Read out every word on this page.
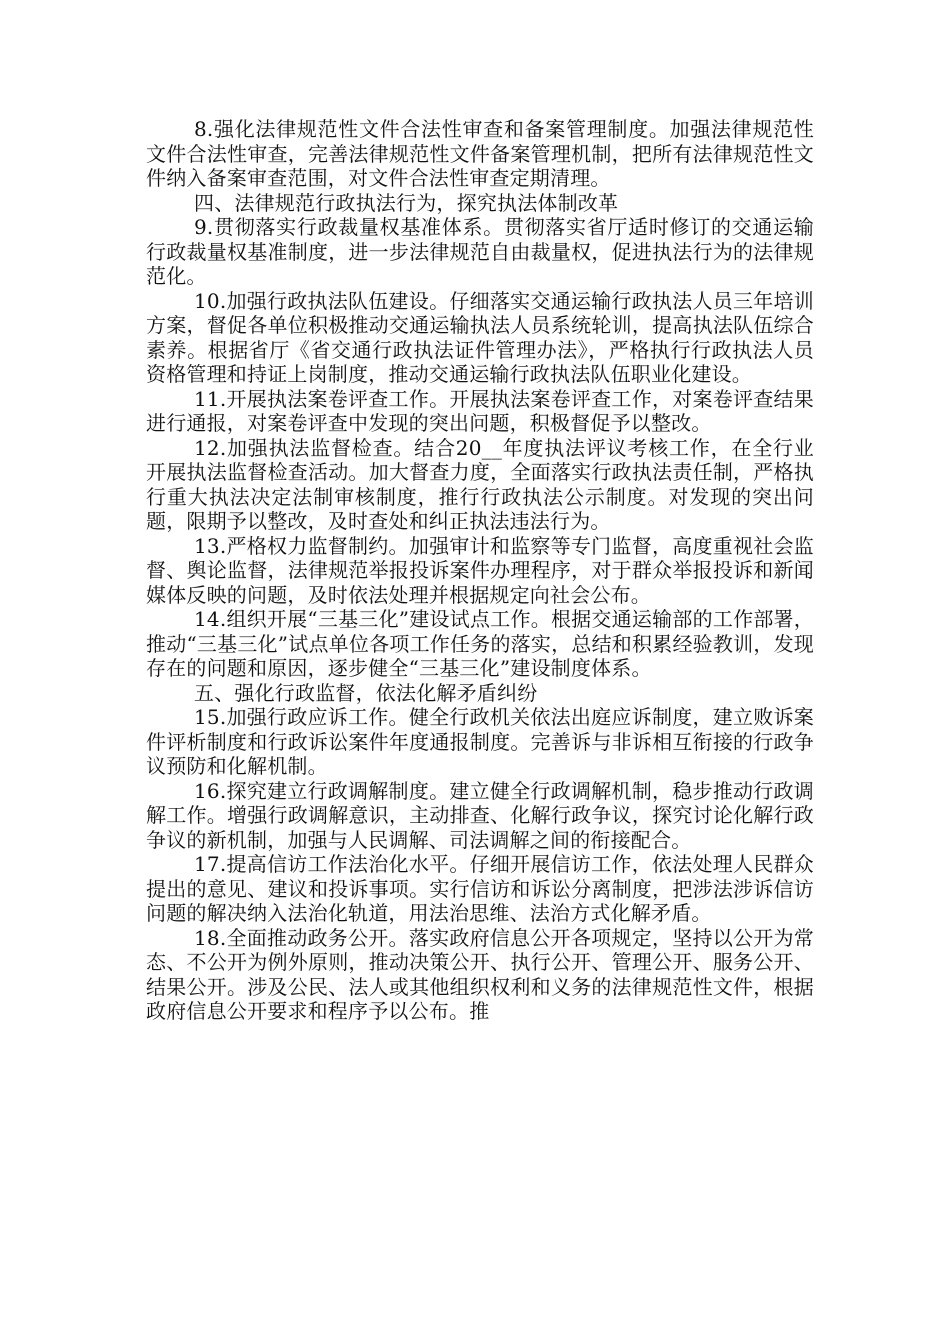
8.强化法律规范性文件合法性审查和备案管理制度。加强法律规范性文件合法性审查，完善法律规范性文件备案管理机制，把所有法律规范性文件纳入备案审查范围，对文件合法性审查定期清理。

四、法律规范行政执法行为，探究执法体制改革

9.贯彻落实行政裁量权基准体系。贯彻落实省厅适时修订的交通运输行政裁量权基准制度，进一步法律规范自由裁量权，促进执法行为的法律规范化。

10.加强行政执法队伍建设。仔细落实交通运输行政执法人员三年培训方案，督促各单位积极推动交通运输执法人员系统轮训，提高执法队伍综合素养。根据省厅《省交通行政执法证件管理办法》，严格执行行政执法人员资格管理和持证上岗制度，推动交通运输行政执法队伍职业化建设。

11.开展执法案卷评查工作。开展执法案卷评查工作，对案卷评查结果进行通报，对案卷评查中发现的突出问题，积极督促予以整改。

12.加强执法监督检查。结合20__年度执法评议考核工作，在全行业开展执法监督检查活动。加大督查力度，全面落实行政执法责任制，严格执行重大执法决定法制审核制度，推行行政执法公示制度。对发现的突出问题，限期予以整改，及时查处和纠正执法违法行为。

13.严格权力监督制约。加强审计和监察等专门监督，高度重视社会监督、舆论监督，法律规范举报投诉案件办理程序，对于群众举报投诉和新闻媒体反映的问题，及时依法处理并根据规定向社会公布。

14.组织开展“三基三化”建设试点工作。根据交通运输部的工作部署，推动“三基三化”试点单位各项工作任务的落实，总结和积累经验教训，发现存在的问题和原因，逐步健全“三基三化”建设制度体系。

五、强化行政监督，依法化解矛盾纠纷

15.加强行政应诉工作。健全行政机关依法出庭应诉制度，建立败诉案件评析制度和行政诉讼案件年度通报制度。完善诉与非诉相互衔接的行政争议预防和化解机制。

16.探究建立行政调解制度。建立健全行政调解机制，稳步推动行政调解工作。增强行政调解意识，主动排查、化解行政争议，探究讨论化解行政争议的新机制，加强与人民调解、司法调解之间的衔接配合。

17.提高信访工作法治化水平。仔细开展信访工作，依法处理人民群众提出的意见、建议和投诉事项。实行信访和诉讼分离制度，把涉法涉诉信访问题的解决纳入法治化轨道，用法治思维、法治方式化解矛盾。

18.全面推动政务公开。落实政府信息公开各项规定，坚持以公开为常态、不公开为例外原则，推动决策公开、执行公开、管理公开、服务公开、结果公开。涉及公民、法人或其他组织权利和义务的法律规范性文件，根据政府信息公开要求和程序予以公布。推
